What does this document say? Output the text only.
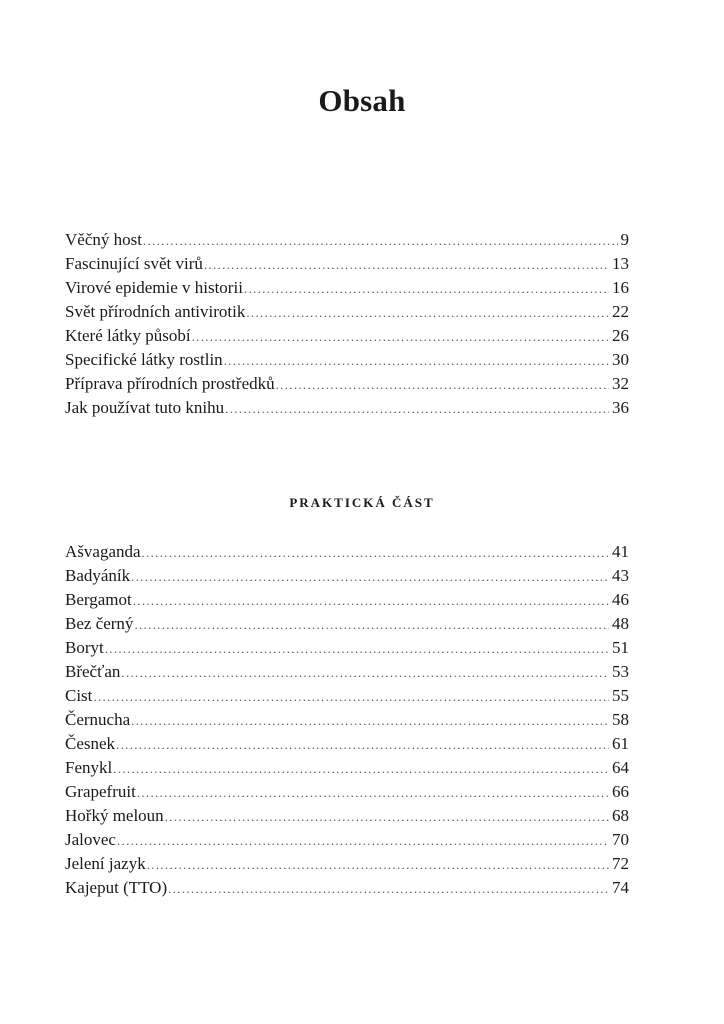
Obsah
Věčný host .....	9
Fascinující svět virů .....	13
Virové epidemie v historii .....	16
Svět přírodních antivirotik .....	22
Které látky působí .....	26
Specifické látky rostlin .....	30
Příprava přírodních prostředků .....	32
Jak používat tuto knihu .....	36
PRAKTICKÁ ČÁST
Ašvaganda .....	41
Badyáník .....	43
Bergamot .....	46
Bez černý .....	48
Boryt .....	51
Břečťan .....	53
Cist .....	55
Černucha .....	58
Česnek .....	61
Fenykl .....	64
Grapefruit .....	66
Hořký meloun .....	68
Jalovec .....	70
Jelení jazyk .....	72
Kajeput (TTO) .....	74
